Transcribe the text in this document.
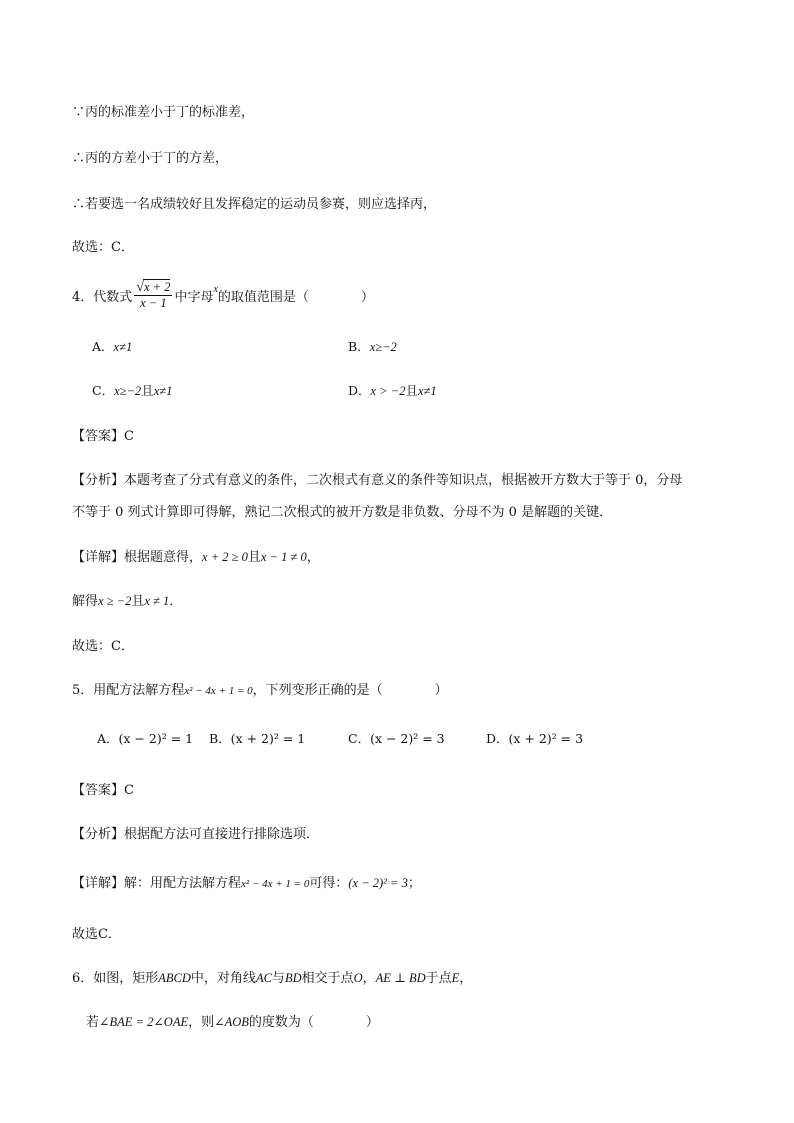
∵丙的标准差小于丁的标准差，
∴丙的方差小于丁的方差，
∴若要选一名成绩较好且发挥稳定的运动员参赛，则应选择丙，
故选：C．
4．代数式 $\frac{√x + 2}{x - 1}$ 中字母
x
的取值范围是（　　　　）
A．x≠1	B．x≥−2
C．x≥−2且x≠1	D．x > −2且x≠1
【答案】C
【分析】本题考查了分式有意义的条件，二次根式有意义的条件等知识点，根据被开方数大于等于 0，分母
不等于 0 列式计算即可得解，熟记二次根式的被开方数是非负数、分母不为 0 是解题的关键．
【详解】根据题意得，x + 2 ≥ 0且x − 1 ≠ 0，
解得x ≥ −2且x ≠ 1．
故选：C．
5．用配方法解方程x² − 4x + 1 = 0，下列变形正确的是（　　　　）
A．(x − 2)² = 1 B．(x + 2)² = 1	C．(x − 2)² = 3	D．(x + 2)² = 3
【答案】C
【分析】根据配方法可直接进行排除选项．
【详解】解：用配方法解方程x² − 4x + 1 = 0可得：(x − 2)² = 3；
故选C．
6．如图，矩形ABCD中，对角线AC与BD相交于点O，AE ⊥ BD于点E，
若∠BAE = 2∠OAE，则∠AOB的度数为（　　　　）
